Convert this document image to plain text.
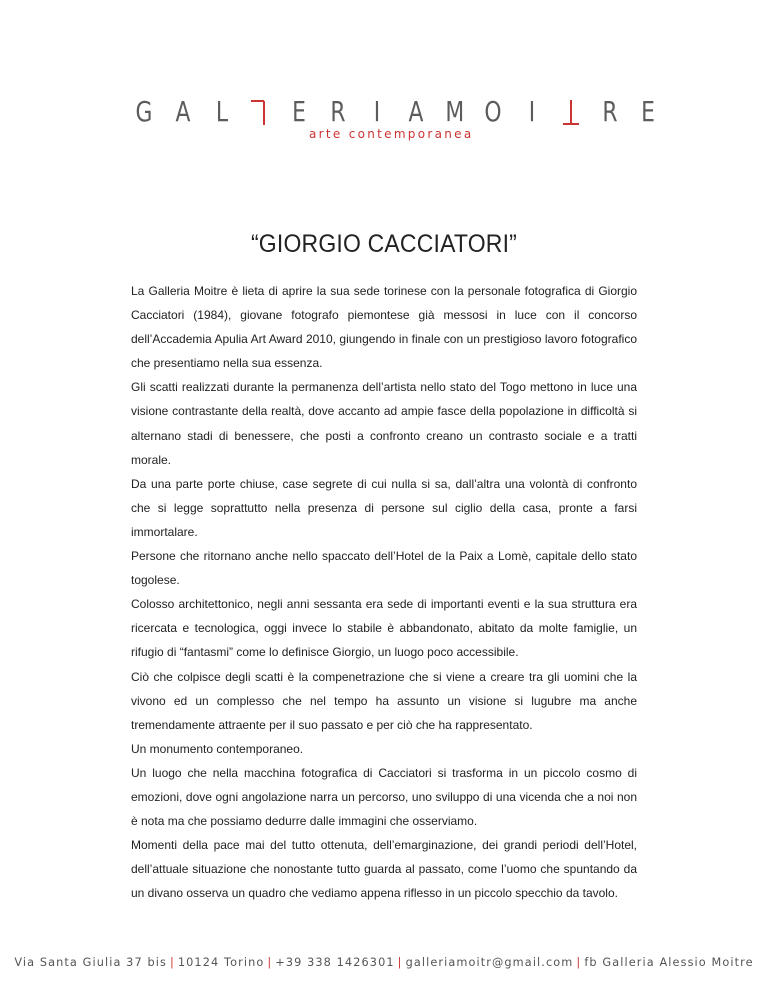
G A L E R I A M O I R E
arte contemporanea
“GIORGIO CACCIATORI”

La Galleria Moitre è lieta di aprire la sua sede torinese con la personale fotografica di Giorgio Cacciatori (1984), giovane fotografo piemontese già messosi in luce con il concorso dell’Accademia Apulia Art Award 2010, giungendo in finale con un prestigioso lavoro fotografico che presentiamo nella sua essenza.

Gli scatti realizzati durante la permanenza dell’artista nello stato del Togo mettono in luce una visione contrastante della realtà, dove accanto ad ampie fasce della popolazione in difficoltà si alternano stadi di benessere, che posti a confronto creano un contrasto sociale e a tratti morale.

Da una parte porte chiuse, case segrete di cui nulla si sa, dall’altra una volontà di confronto che si legge soprattutto nella presenza di persone sul ciglio della casa, pronte a farsi immortalare.

Persone che ritornano anche nello spaccato dell’Hotel de la Paix a Lomè, capitale dello stato togolese.

Colosso architettonico, negli anni sessanta era sede di importanti eventi e la sua struttura era ricercata e tecnologica, oggi invece lo stabile è abbandonato, abitato da molte famiglie, un rifugio di “fantasmi” come lo definisce Giorgio, un luogo poco accessibile.

Ciò che colpisce degli scatti è la compenetrazione che si viene a creare tra gli uomini che la vivono ed un complesso che nel tempo ha assunto un visione si lugubre ma anche tremendamente attraente per il suo passato e per ciò che ha rappresentato.

Un monumento contemporaneo.

Un luogo che nella macchina fotografica di Cacciatori si trasforma in un piccolo cosmo di emozioni, dove ogni angolazione narra un percorso, uno sviluppo di una vicenda che a noi non è nota ma che possiamo dedurre dalle immagini che osserviamo.

Momenti della pace mai del tutto ottenuta, dell’emarginazione, dei grandi periodi dell’Hotel, dell’attuale situazione che nonostante tutto guarda al passato, come l’uomo che spuntando da un divano osserva un quadro che vediamo appena riflesso in un piccolo specchio da tavolo.

Via Santa Giulia 37 bis | 10124 Torino | +39 338 1426301 | galleriamoitr@gmail.com | fb Galleria Alessio Moitre
